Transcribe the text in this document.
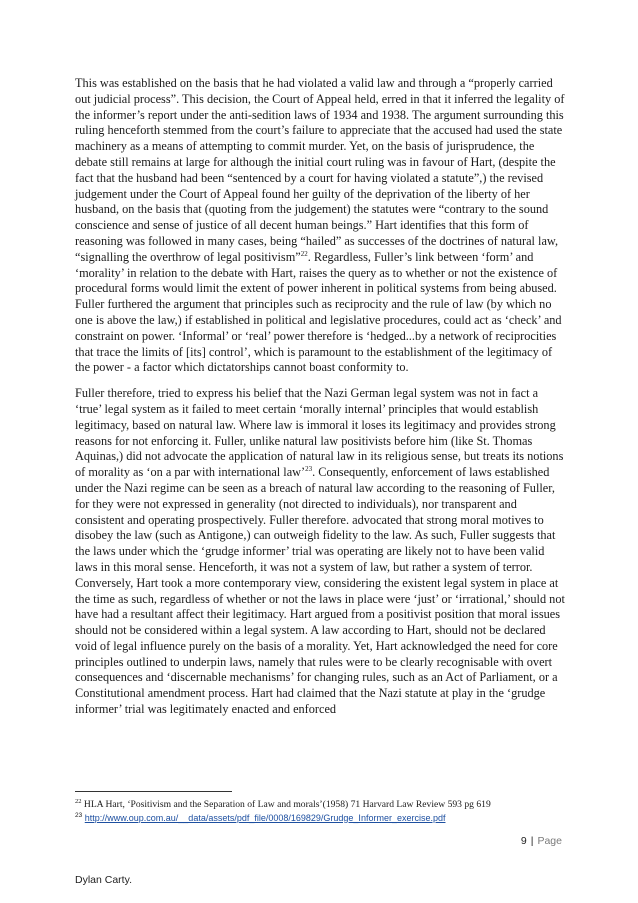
This was established on the basis that he had violated a valid law and through a “properly carried out judicial process”. This decision, the Court of Appeal held, erred in that it inferred the legality of the informer’s report under the anti-sedition laws of 1934 and 1938. The argument surrounding this ruling henceforth stemmed from the court’s failure to appreciate that the accused had used the state machinery as a means of attempting to commit murder. Yet, on the basis of jurisprudence, the debate still remains at large for although the initial court ruling was in favour of Hart, (despite the fact that the husband had been “sentenced by a court for having violated a statute”,) the revised judgement under the Court of Appeal found her guilty of the deprivation of the liberty of her husband, on the basis that (quoting from the judgement) the statutes were “contrary to the sound conscience and sense of justice of all decent human beings.” Hart identifies that this form of reasoning was followed in many cases, being “hailed” as successes of the doctrines of natural law, “signalling the overthrow of legal positivism”$^{22}$. Regardless, Fuller’s link between ‘form’ and ‘morality’ in relation to the debate with Hart, raises the query as to whether or not the existence of procedural forms would limit the extent of power inherent in political systems from being abused. Fuller furthered the argument that principles such as reciprocity and the rule of law (by which no one is above the law,) if established in political and legislative procedures, could act as ‘check’ and constraint on power. ‘Informal’ or ‘real’ power therefore is ‘hedged...by a network of reciprocities that trace the limits of [its] control’, which is paramount to the establishment of the legitimacy of the power - a factor which dictatorships cannot boast conformity to.

Fuller therefore, tried to express his belief that the Nazi German legal system was not in fact a ‘true’ legal system as it failed to meet certain ‘morally internal’ principles that would establish legitimacy, based on natural law. Where law is immoral it loses its legitimacy and provides strong reasons for not enforcing it. Fuller, unlike natural law positivists before him (like St. Thomas Aquinas,) did not advocate the application of natural law in its religious sense, but treats its notions of morality as ‘on a par with international law’$^{23}$. Consequently, enforcement of laws established under the Nazi regime can be seen as a breach of natural law according to the reasoning of Fuller, for they were not expressed in generality (not directed to individuals), nor transparent and consistent and operating prospectively. Fuller therefore. advocated that strong moral motives to disobey the law (such as Antigone,) can outweigh fidelity to the law. As such, Fuller suggests that the laws under which the ‘grudge informer’ trial was operating are likely not to have been valid laws in this moral sense. Henceforth, it was not a system of law, but rather a system of terror. Conversely, Hart took a more contemporary view, considering the existent legal system in place at the time as such, regardless of whether or not the laws in place were ‘just’ or ‘irrational,’ should not have had a resultant affect their legitimacy. Hart argued from a positivist position that moral issues should not be considered within a legal system. A law according to Hart, should not be declared void of legal influence purely on the basis of a morality. Yet, Hart acknowledged the need for core principles outlined to underpin laws, namely that rules were to be clearly recognisable with overt consequences and ‘discernable mechanisms’ for changing rules, such as an Act of Parliament, or a Constitutional amendment process. Hart had claimed that the Nazi statute at play in the ‘grudge informer’ trial was legitimately enacted and enforced

$^{22}$ HLA Hart, ‘Positivism and the Separation of Law and morals’(1958) 71 Harvard Law Review 593 pg 619
$^{23}$ http://www.oup.com.au/__data/assets/pdf_file/0008/169829/Grudge_Informer_exercise.pdf
9 | Page
Dylan Carty.
